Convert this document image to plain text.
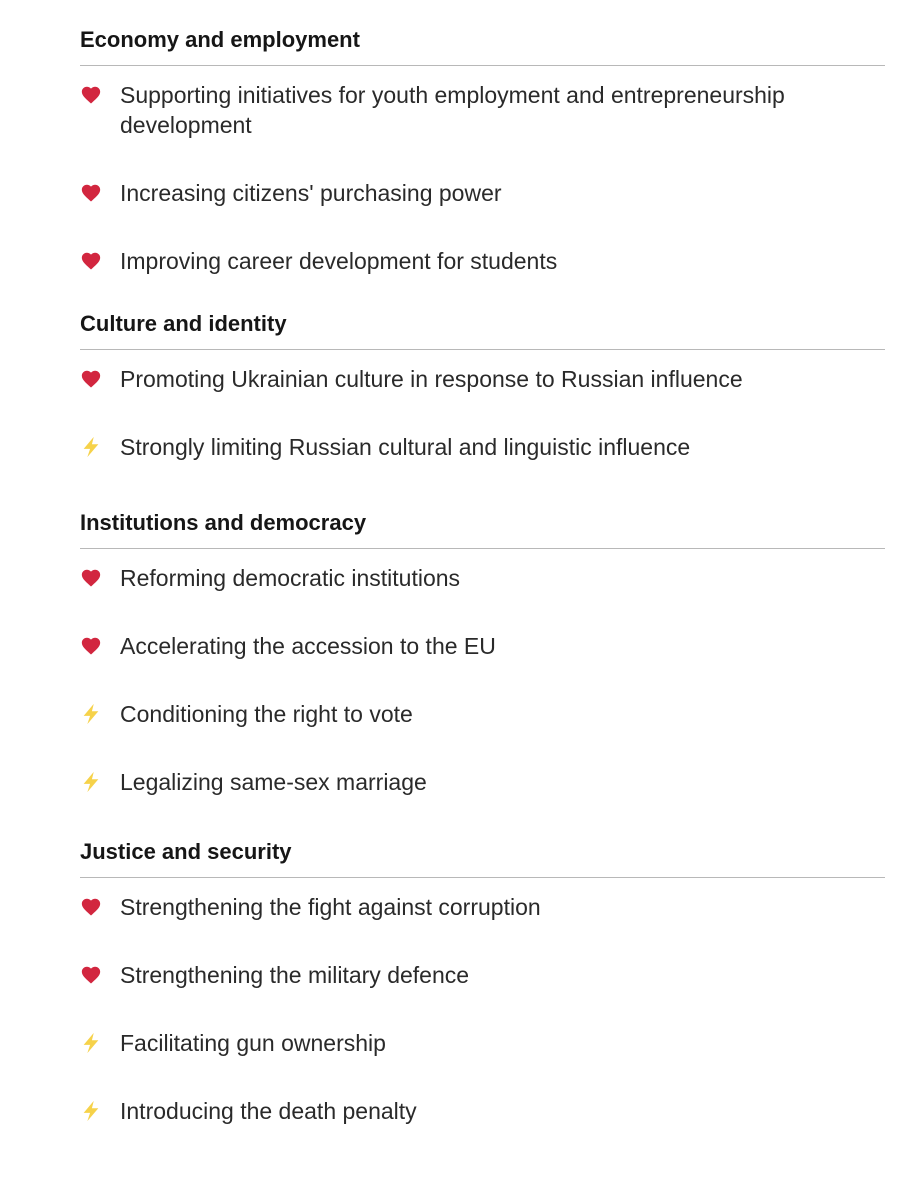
Economy and employment
Supporting initiatives for youth employment and entrepreneurship development
Increasing citizens' purchasing power
Improving career development for students
Culture and identity
Promoting Ukrainian culture in response to Russian influence
Strongly limiting Russian cultural and linguistic influence
Institutions and democracy
Reforming democratic institutions
Accelerating the accession to the EU
Conditioning the right to vote
Legalizing same-sex marriage
Justice and security
Strengthening the fight against corruption
Strengthening the military defence
Facilitating gun ownership
Introducing the death penalty
